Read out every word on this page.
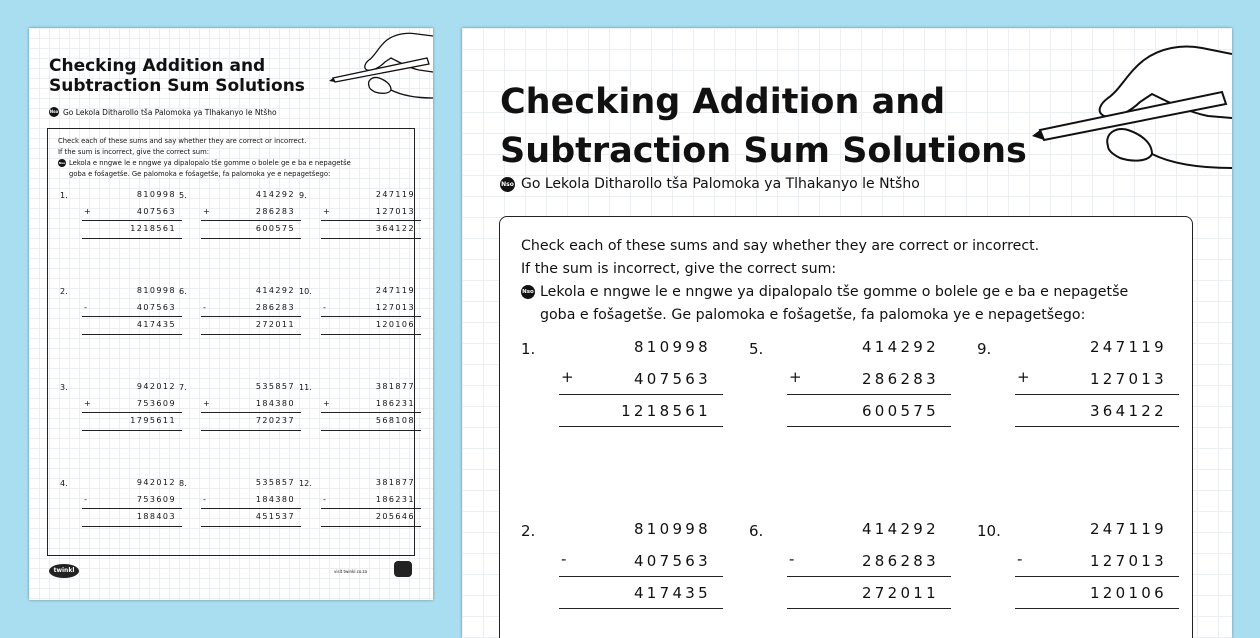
Checking Addition and
Subtraction Sum Solutions
Nso Go Lekola Ditharollo tša Palomoka ya Tlhakanyo le Ntšho

Check each of these sums and say whether they are correct or incorrect.

If the sum is incorrect, give the correct sum:

Nso Lekola e nngwe le e nngwe ya dipalopalo tše gomme o bolele ge e ba e nepagetše

goba e fošagetše. Ge palomoka e fošagetše, fa palomoka ye e nepagetšego:

1.
+
810998
407563
1218561
5.
+
414292
286283
600575
9.
+
247119
127013
364122
2.
-
810998
407563
417435
6.
-
414292
286283
272011
10.
-
247119
127013
120106
3.
+
942012
753609
1795611
7.
+
535857
184380
720237
11.
+
381877
186231
568108
4.
-
942012
753609
188403
8.
-
535857
184380
451537
12.
-
381877
186231
205646
twinkl	visit twinkl.co.za
Checking Addition and
Subtraction Sum Solutions
Nso Go Lekola Ditharollo tša Palomoka ya Tlhakanyo le Ntšho

Check each of these sums and say whether they are correct or incorrect.

If the sum is incorrect, give the correct sum:

Nso Lekola e nngwe le e nngwe ya dipalopalo tše gomme o bolele ge e ba e nepagetše

goba e fošagetše. Ge palomoka e fošagetše, fa palomoka ye e nepagetšego:

1.
+
810998
407563
1218561
5.
+
414292
286283
600575
9.
+
247119
127013
364122
2.
-
810998
407563
417435
6.
-
414292
286283
272011
10.
-
247119
127013
120106
